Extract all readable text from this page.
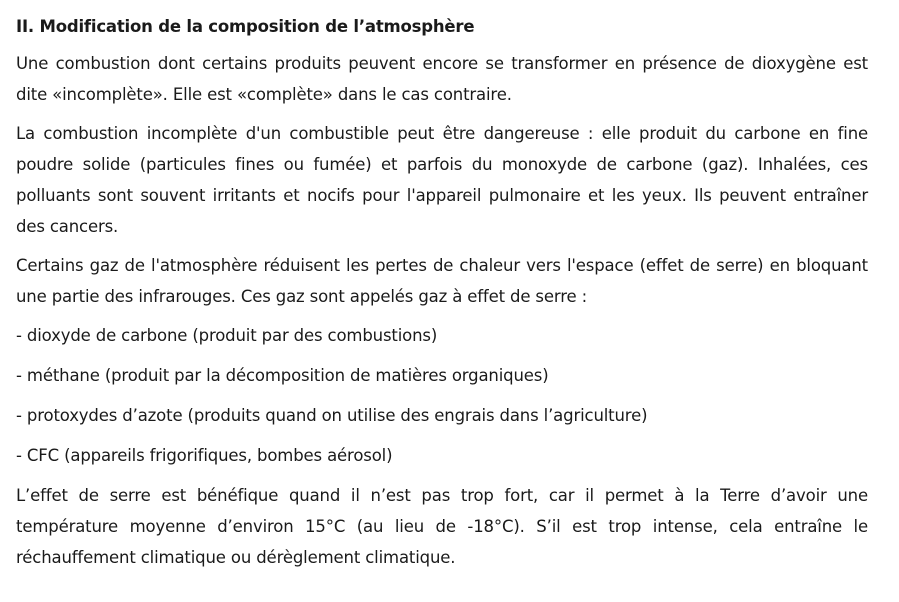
II. Modification de la composition de l’atmosphère

Une combustion dont certains produits peuvent encore se transformer en présence de dioxygène est dite «incomplète». Elle est «complète» dans le cas contraire.

La combustion incomplète d'un combustible peut être dangereuse : elle produit du carbone en fine poudre solide (particules fines ou fumée) et parfois du monoxyde de carbone (gaz). Inhalées, ces polluants sont souvent irritants et nocifs pour l'appareil pulmonaire et les yeux. Ils peuvent entraîner des cancers.

Certains gaz de l'atmosphère réduisent les pertes de chaleur vers l'espace (effet de serre) en bloquant une partie des infrarouges. Ces gaz sont appelés gaz à effet de serre :

- dioxyde de carbone (produit par des combustions)
- méthane (produit par la décomposition de matières organiques)
- protoxydes d’azote (produits quand on utilise des engrais dans l’agriculture)
- CFC (appareils frigorifiques, bombes aérosol)

L’effet de serre est bénéfique quand il n’est pas trop fort, car il permet à la Terre d’avoir une température moyenne d’environ 15°C (au lieu de -18°C). S’il est trop intense, cela entraîne le réchauffement climatique ou dérèglement climatique.
